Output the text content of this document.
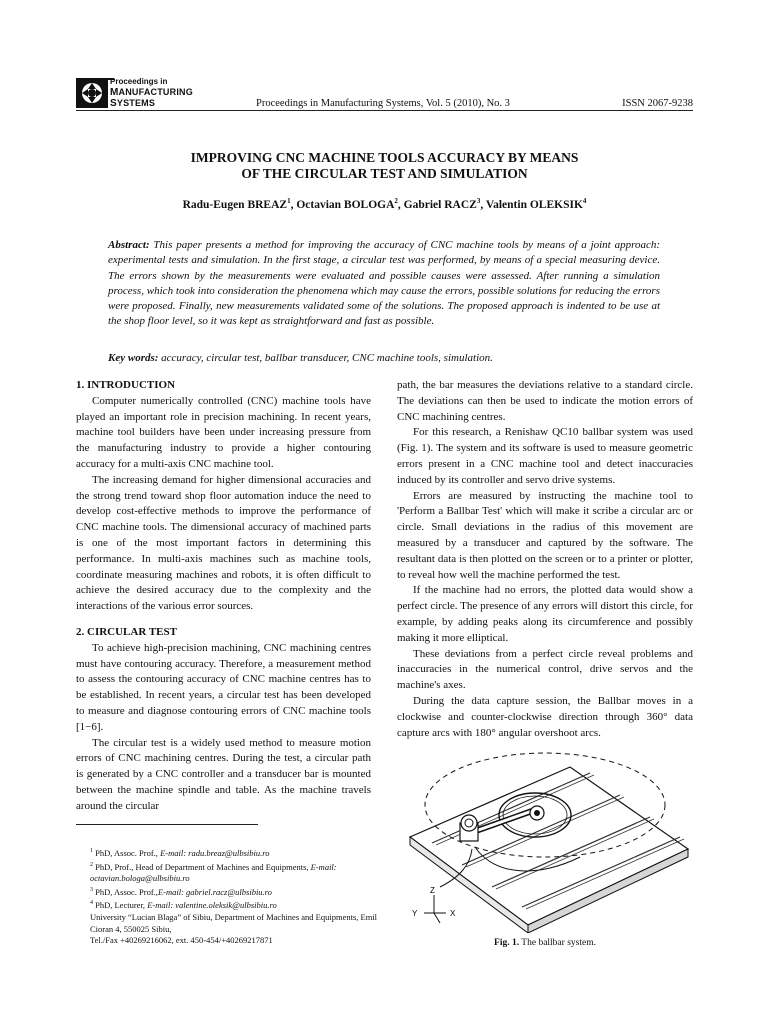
Proceedings in
MANUFACTURING
SYSTEMS	Proceedings in Manufacturing Systems, Vol. 5 (2010), No. 3	ISSN 2067-9238
IMPROVING CNC MACHINE TOOLS ACCURACY BY MEANS
OF THE CIRCULAR TEST AND SIMULATION
Radu-Eugen BREAZ$^1$, Octavian BOLOGA$^2$, Gabriel RACZ$^3$, Valentin OLEKSIK$^4$
Abstract: This paper presents a method for improving the accuracy of CNC machine tools by means of a joint approach: experimental tests and simulation. In the first stage, a circular test was performed, by means of a special measuring device. The errors shown by the measurements were evaluated and possible causes were assessed. After running a simulation process, which took into consideration the phenomena which may cause the errors, possible solutions for reducing the errors were proposed. Finally, new measurements validated some of the solutions. The proposed approach is indented to be use at the shop floor level, so it was kept as straightforward and fast as possible.
Key words: accuracy, circular test, ballbar transducer, CNC machine tools, simulation.

1. INTRODUCTION

Computer numerically controlled (CNC) machine tools have played an important role in precision machining. In recent years, machine tool builders have been under increasing pressure from the manufacturing industry to provide a higher contouring accuracy for a multi-axis CNC machine tool.

The increasing demand for higher dimensional accuracies and the strong trend toward shop floor automation induce the need to develop cost-effective methods to improve the performance of CNC machine tools. The dimensional accuracy of machined parts is one of the most important factors in determining this performance. In multi-axis machines such as machine tools, coordinate measuring machines and robots, it is often difficult to achieve the desired accuracy due to the complexity and the interactions of the various error sources.

2. CIRCULAR TEST

To achieve high-precision machining, CNC machining centres must have contouring accuracy. Therefore, a measurement method to assess the contouring accuracy of CNC machine centres has to be established. In recent years, a circular test has been developed to measure and diagnose contouring errors of CNC machine tools [1−6].

The circular test is a widely used method to measure motion errors of CNC machining centres. During the test, a circular path is generated by a CNC controller and a transducer bar is mounted between the machine spindle and table. As the machine travels around the circular

path, the bar measures the deviations relative to a standard circle. The deviations can then be used to indicate the motion errors of CNC machining centres.

For this research, a Renishaw QC10 ballbar system was used (Fig. 1). The system and its software is used to measure geometric errors present in a CNC machine tool and detect inaccuracies induced by its controller and servo drive systems.

Errors are measured by instructing the machine tool to 'Perform a Ballbar Test' which will make it scribe a circular arc or circle. Small deviations in the radius of this movement are measured by a transducer and captured by the software. The resultant data is then plotted on the screen or to a printer or plotter, to reveal how well the machine performed the test.

If the machine had no errors, the plotted data would show a perfect circle. The presence of any errors will distort this circle, for example, by adding peaks along its circumference and possibly making it more elliptical.

These deviations from a perfect circle reveal problems and inaccuracies in the numerical control, drive servos and the machine's axes.

During the data capture session, the Ballbar moves in a clockwise and counter-clockwise direction through 360° data capture arcs with 180° angular overshoot arcs.

$^1$ PhD, Assoc. Prof., E-mail: radu.breaz@ulbsibiu.ro

$^2$ PhD, Prof., Head of Department of Machines and Equipments, E-mail: octavian.bologa@ulbsibiu.ro

$^3$ PhD, Assoc. Prof.,E-mail: gabriel.racz@ulbsibiu.ro

$^4$ PhD, Lecturer, E-mail: valentine.oleksik@ulbsibiu.ro

University “Lucian Blaga” of Sibiu, Department of Machines and Equipments, Emil Cioran 4, 550025 Sibiu,

Tel./Fax +40269216062, ext. 450-454/+40269217871

Z
Y	X
Fig. 1. The ballbar system.
